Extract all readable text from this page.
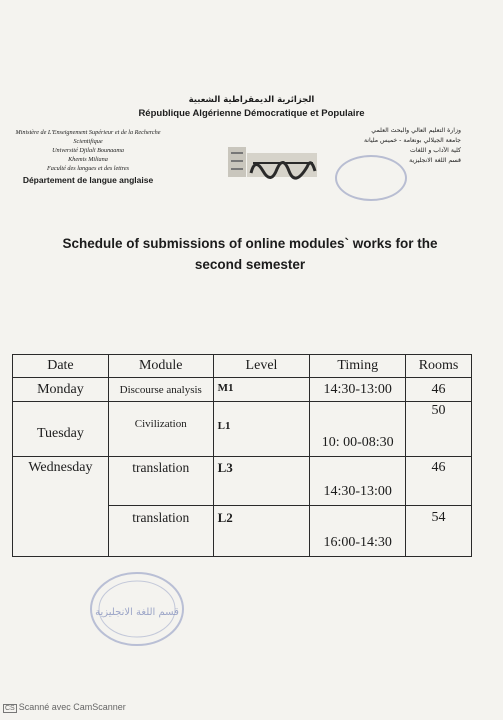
الجزائرية الديمقراطية الشعبية
République Algérienne Démocratique et Populaire
Ministère de L'Enseignement Supérieur et de la Recherche
Scientifique
Université Djilali Bounaama
Khemis Miliana
Faculté des langues et des lettres
Département de langue anglaise
وزارة التعليم العالي والبحث العلمي
جامعة الجيلالي بونعامة - خميس مليانة
كلية الآداب و اللغات
قسم اللغة الانجليزية
Schedule of submissions of online modules` works for the
second semester
Date	Module	Level	Timing	Rooms
Monday	Discourse analysis	M1	14:30-13:00	46
Tuesday	Civilization	L1	10: 00-08:30	50
Wednesday	translation	L3	14:30-13:00	46
	translation	L2	16:00-14:30	54
قسم اللغة الانجليزية
CS Scanné avec CamScanner
